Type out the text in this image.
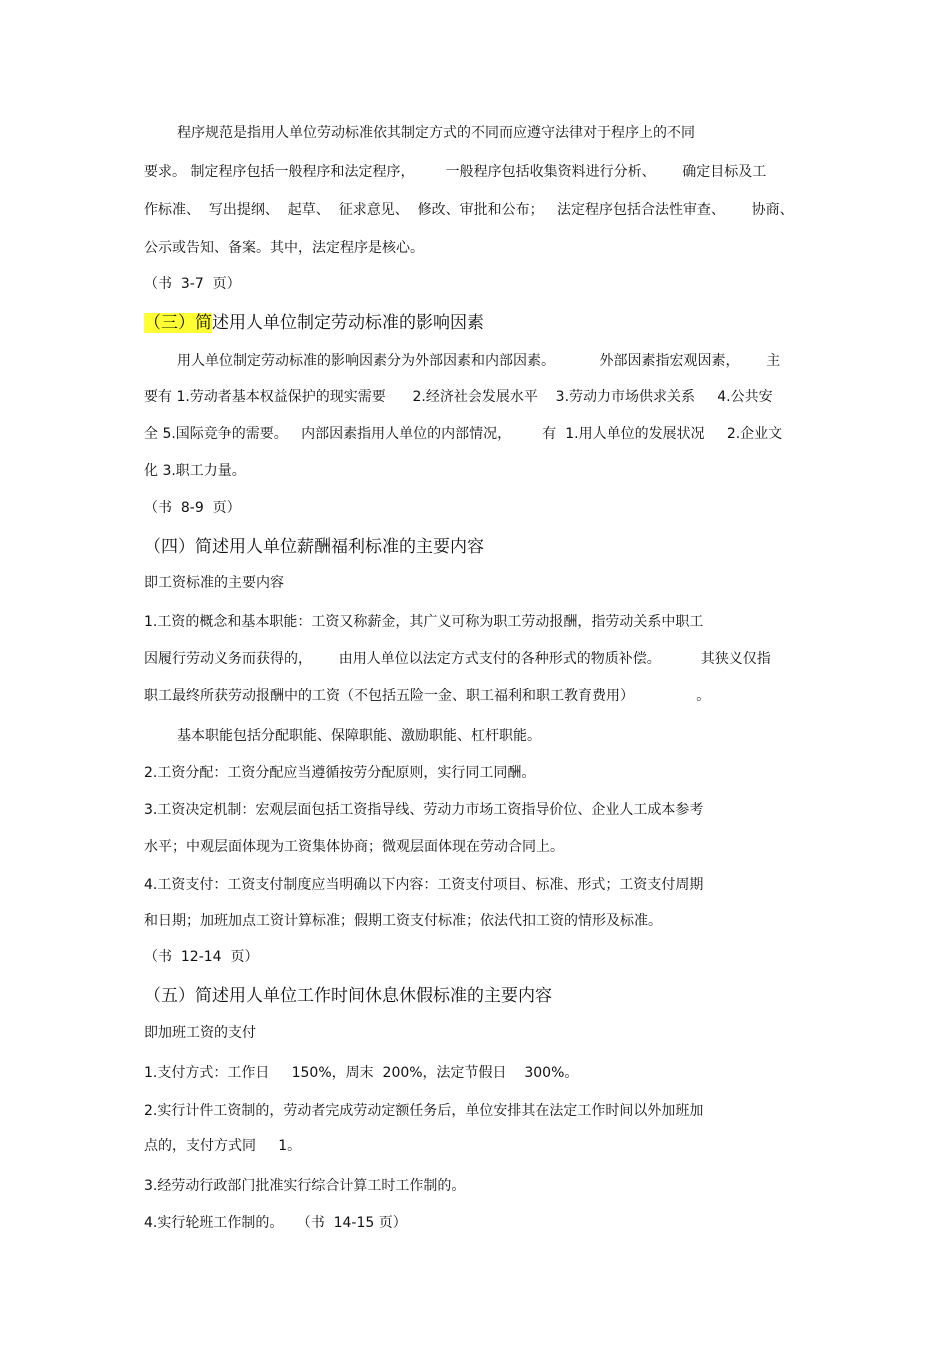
程序规范是指用人单位劳动标准依其制定方式的不同而应遵守法律对于程序上的不同
要求。 制定程序包括一般程序和法定程序，       一般程序包括收集资料进行分析、      确定目标及工
作标准、  写出提纲、  起草、  征求意见、  修改、审批和公布；   法定程序包括合法性审查、      协商、
公示或告知、备案。其中，法定程序是核心。
（书  3-7  页）
（三）简述用人单位制定劳动标准的影响因素
用人单位制定劳动标准的影响因素分为外部因素和内部因素。          外部因素指宏观因素，      主
要有 1.劳动者基本权益保护的现实需要      2.经济社会发展水平    3.劳动力市场供求关系     4.公共安
全 5.国际竞争的需要。   内部因素指用人单位的内部情况，       有  1.用人单位的发展状况     2.企业文
化 3.职工力量。
（书  8-9  页）
（四）简述用人单位薪酬福利标准的主要内容
即工资标准的主要内容
1.工资的概念和基本职能：工资又称薪金，其广义可称为职工劳动报酬，指劳动关系中职工
因履行劳动义务而获得的，      由用人单位以法定方式支付的各种形式的物质补偿。         其狭义仅指
职工最终所获劳动报酬中的工资（不包括五险一金、职工福利和职工教育费用）              。
基本职能包括分配职能、保障职能、激励职能、杠杆职能。
2.工资分配：工资分配应当遵循按劳分配原则，实行同工同酬。
3.工资决定机制：宏观层面包括工资指导线、劳动力市场工资指导价位、企业人工成本参考
水平；中观层面体现为工资集体协商；微观层面体现在劳动合同上。
4.工资支付：工资支付制度应当明确以下内容：工资支付项目、标准、形式；工资支付周期
和日期；加班加点工资计算标准；假期工资支付标准；依法代扣工资的情形及标准。
（书  12-14  页）
（五）简述用人单位工作时间休息休假标准的主要内容
即加班工资的支付
1.支付方式：工作日     150%，周末  200%，法定节假日    300%。
2.实行计件工资制的，劳动者完成劳动定额任务后，单位安排其在法定工作时间以外加班加
点的，支付方式同     1。
3.经劳动行政部门批准实行综合计算工时工作制的。
4.实行轮班工作制的。   （书  14-15 页）
